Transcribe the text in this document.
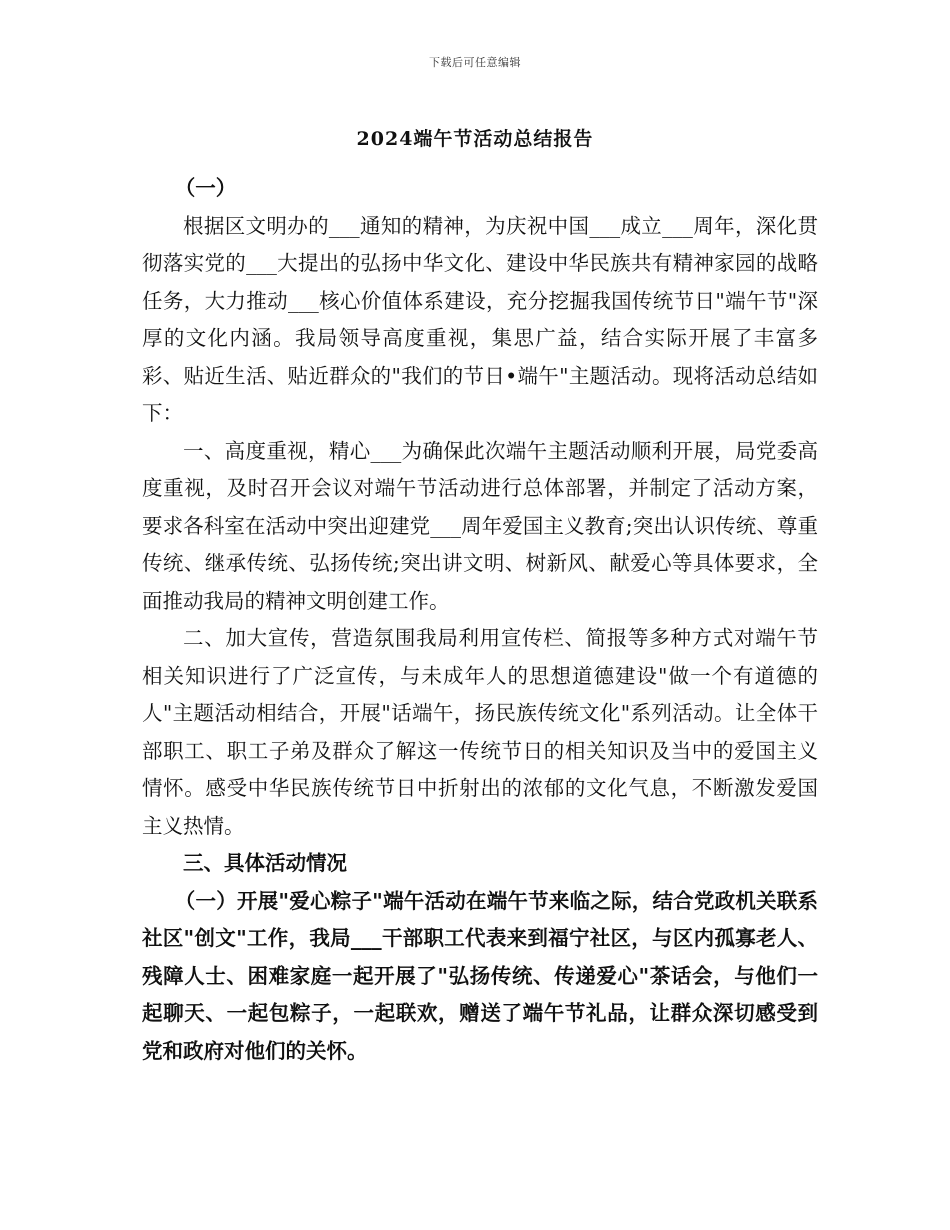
下载后可任意编辑
2024端午节活动总结报告

（一）

根据区文明办的___通知的精神，为庆祝中国___成立___周年，深化贯彻落实党的___大提出的弘扬中华文化、建设中华民族共有精神家园的战略任务，大力推动___核心价值体系建设，充分挖掘我国传统节日"端午节"深厚的文化内涵。我局领导高度重视，集思广益，结合实际开展了丰富多彩、贴近生活、贴近群众的"我们的节日•端午"主题活动。现将活动总结如下：

一、高度重视，精心___为确保此次端午主题活动顺利开展，局党委高度重视，及时召开会议对端午节活动进行总体部署，并制定了活动方案，要求各科室在活动中突出迎建党___周年爱国主义教育;突出认识传统、尊重传统、继承传统、弘扬传统;突出讲文明、树新风、献爱心等具体要求，全面推动我局的精神文明创建工作。

二、加大宣传，营造氛围我局利用宣传栏、简报等多种方式对端午节相关知识进行了广泛宣传，与未成年人的思想道德建设"做一个有道德的人"主题活动相结合，开展"话端午，扬民族传统文化"系列活动。让全体干部职工、职工子弟及群众了解这一传统节日的相关知识及当中的爱国主义情怀。感受中华民族传统节日中折射出的浓郁的文化气息，不断激发爱国主义热情。

三、具体活动情况

（一）开展"爱心粽子"端午活动在端午节来临之际，结合党政机关联系社区"创文"工作，我局___干部职工代表来到福宁社区，与区内孤寡老人、残障人士、困难家庭一起开展了"弘扬传统、传递爱心"茶话会，与他们一起聊天、一起包粽子，一起联欢，赠送了端午节礼品，让群众深切感受到党和政府对他们的关怀。
